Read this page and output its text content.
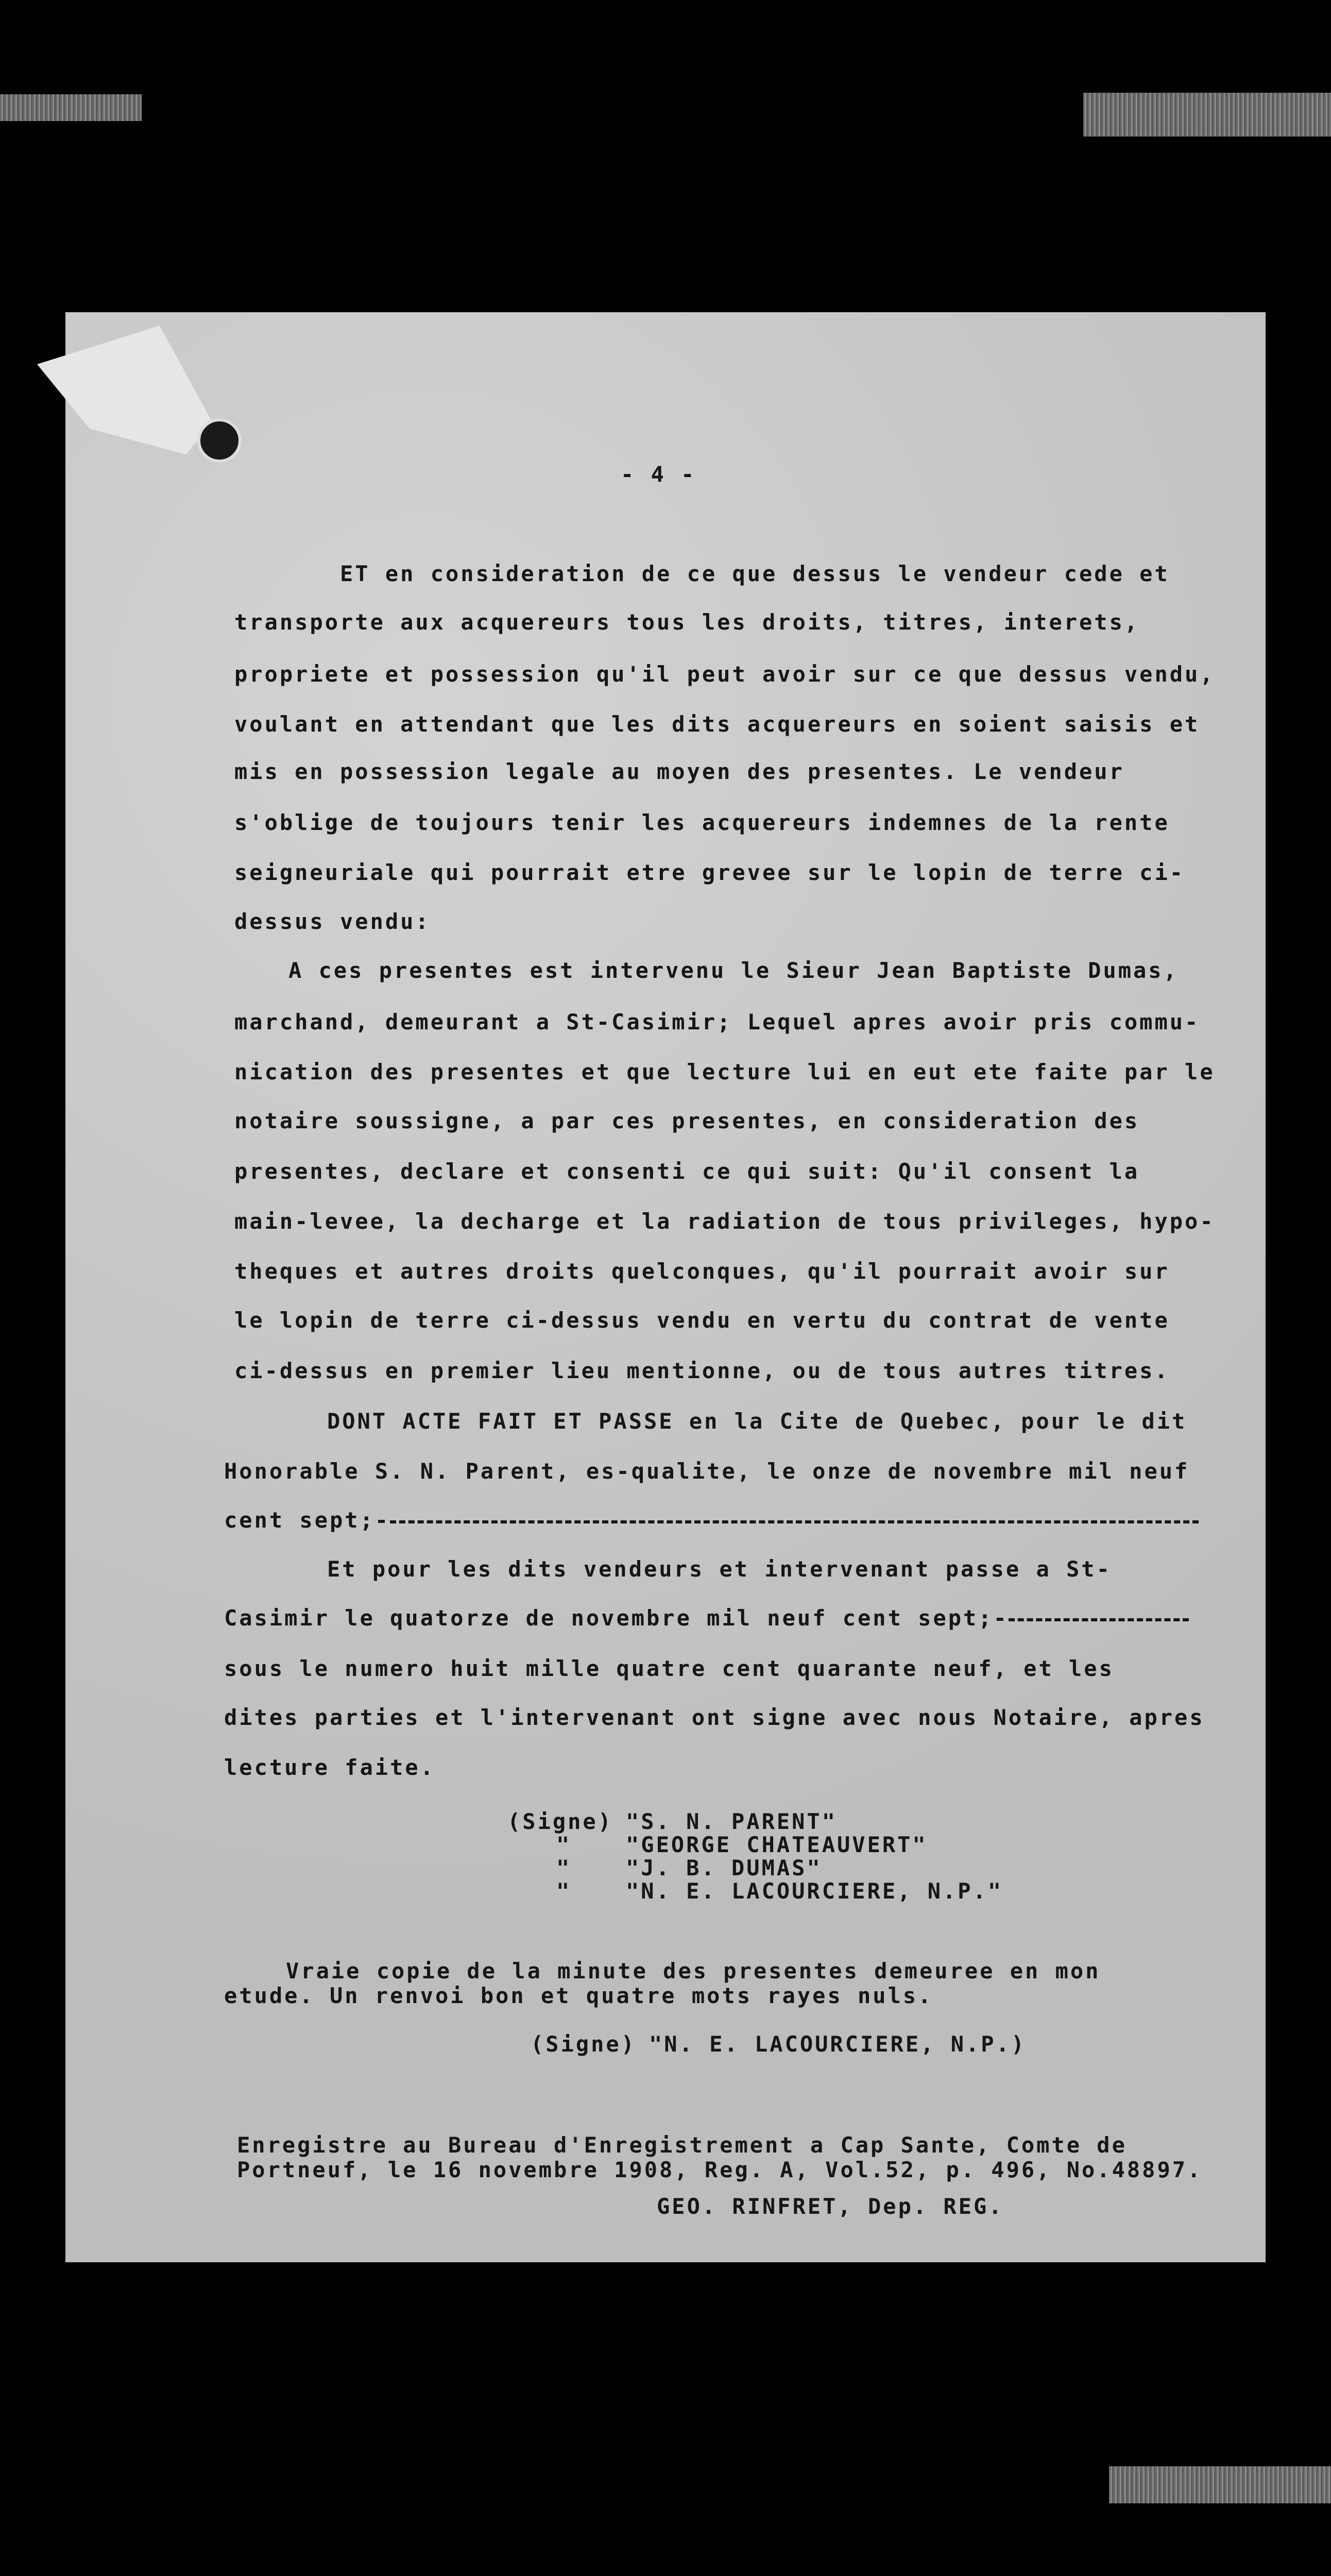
- 4 -
ET en consideration de ce que dessus le vendeur cede et
transporte aux acquereurs tous les droits, titres, interets,
propriete et possession qu'il peut avoir sur ce que dessus vendu,
voulant en attendant que les dits acquereurs en soient saisis et
mis en possession legale au moyen des presentes. Le vendeur
s'oblige de toujours tenir les acquereurs indemnes de la rente
seigneuriale qui pourrait etre grevee sur le lopin de terre ci-
dessus vendu:
A ces presentes est intervenu le Sieur Jean Baptiste Dumas,
marchand, demeurant a St-Casimir; Lequel apres avoir pris commu-
nication des presentes et que lecture lui en eut ete faite par le
notaire soussigne, a par ces presentes, en consideration des
presentes, declare et consenti ce qui suit: Qu'il consent la
main-levee, la decharge et la radiation de tous privileges, hypo-
theques et autres droits quelconques, qu'il pourrait avoir sur
le lopin de terre ci-dessus vendu en vertu du contrat de vente
ci-dessus en premier lieu mentionne, ou de tous autres titres.
DONT ACTE FAIT ET PASSE en la Cite de Quebec, pour le dit
Honorable S. N. Parent, es-qualite, le onze de novembre mil neuf
cent sept;-
Et pour les dits vendeurs et intervenant passe a St-
Casimir le quatorze de novembre mil neuf cent sept;-
sous le numero huit mille quatre cent quarante neuf, et les
dites parties et l'intervenant ont signe avec nous Notaire, apres
lecture faite.
(Signe) "S. N. PARENT"
"	"GEORGE CHATEAUVERT"
"	"J. B. DUMAS"
"	"N. E. LACOURCIERE, N.P."
Vraie copie de la minute des presentes demeuree en mon
etude. Un renvoi bon et quatre mots rayes nuls.
(Signe) "N. E. LACOURCIERE, N.P.)
Enregistre au Bureau d'Enregistrement a Cap Sante, Comte de
Portneuf, le 16 novembre 1908, Reg. A, Vol.52, p. 496, No.48897.
GEO. RINFRET, Dep. REG.
